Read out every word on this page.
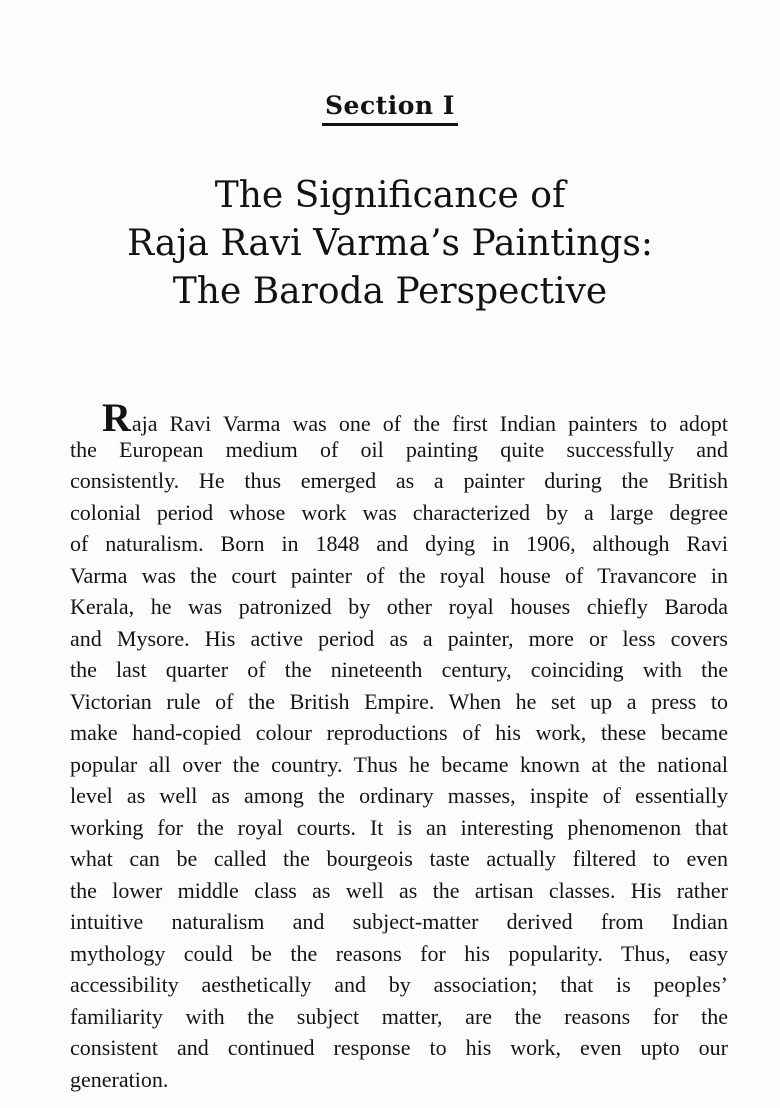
Section I
The Significance of
Raja Ravi Varma’s Paintings:
The Baroda Perspective
Raja Ravi Varma was one of the first Indian painters to adopt
the European medium of oil painting quite successfully and
consistently. He thus emerged as a painter during the British
colonial period whose work was characterized by a large degree
of naturalism. Born in 1848 and dying in 1906, although Ravi
Varma was the court painter of the royal house of Travancore in
Kerala, he was patronized by other royal houses chiefly Baroda
and Mysore. His active period as a painter, more or less covers
the last quarter of the nineteenth century, coinciding with the
Victorian rule of the British Empire. When he set up a press to
make hand-copied colour reproductions of his work, these became
popular all over the country. Thus he became known at the national
level as well as among the ordinary masses, inspite of essentially
working for the royal courts. It is an interesting phenomenon that
what can be called the bourgeois taste actually filtered to even
the lower middle class as well as the artisan classes. His rather
intuitive naturalism and subject-matter derived from Indian
mythology could be the reasons for his popularity. Thus, easy
accessibility aesthetically and by association; that is peoples’
familiarity with the subject matter, are the reasons for the
consistent and continued response to his work, even upto our
generation.
